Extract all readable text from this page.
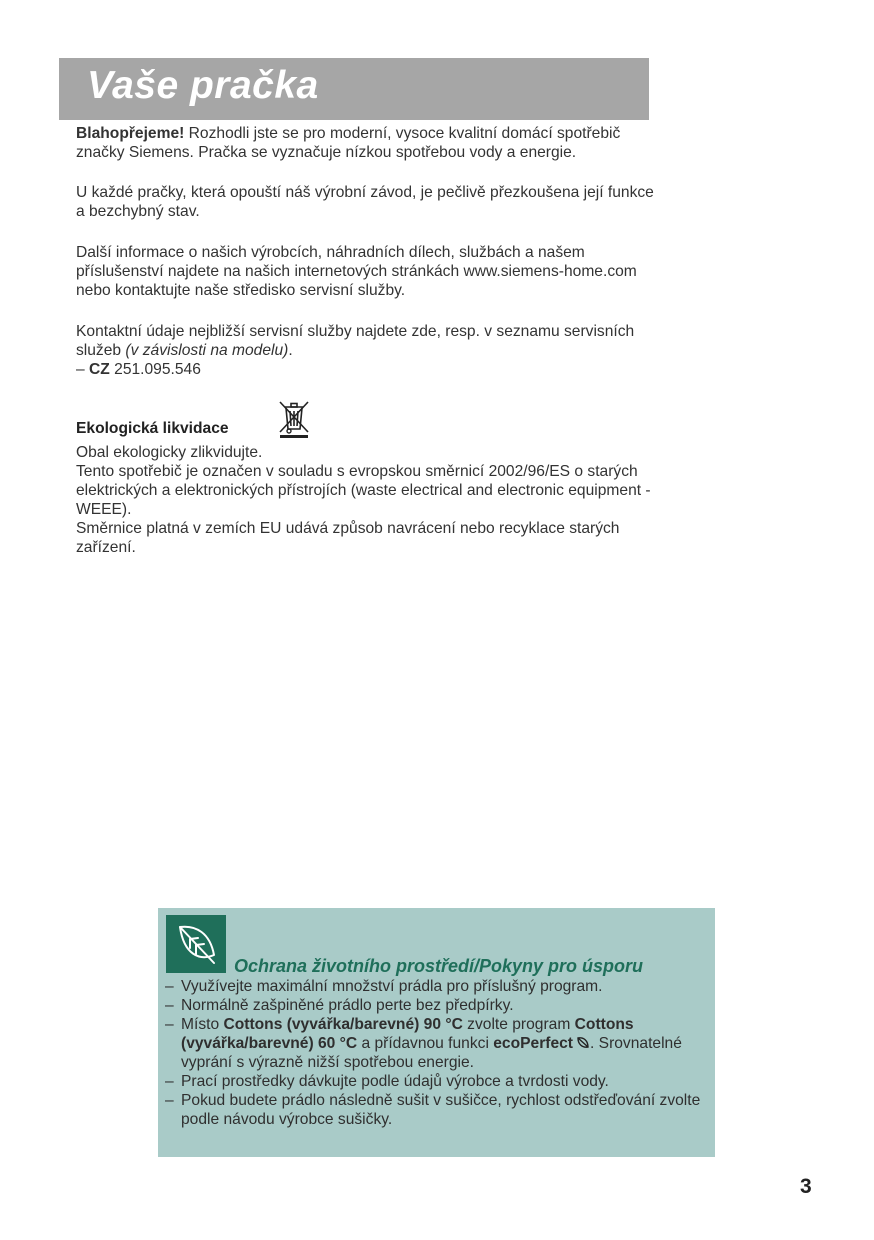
Vaše pračka

Blahopřejeme! Rozhodli jste se pro moderní, vysoce kvalitní domácí spotřebič značky Siemens. Pračka se vyznačuje nízkou spotřebou vody a energie.

U každé pračky, která opouští náš výrobní závod, je pečlivě přezkoušena její funkce a bezchybný stav.

Další informace o našich výrobcích, náhradních dílech, službách a našem příslušenství najdete na našich internetových stránkách www.siemens-home.com nebo kontaktujte naše středisko servisní služby.

Kontaktní údaje nejbližší servisní služby najdete zde, resp. v seznamu servisních služeb (v závislosti na modelu).
– CZ 251.095.546

Ekologická likvidace

Obal ekologicky zlikvidujte.

Tento spotřebič je označen v souladu s evropskou směrnicí 2002/96/ES o starých elektrických a elektronických přístrojích (waste electrical and electronic equipment - WEEE).

Směrnice platná v zemích EU udává způsob navrácení nebo recyklace starých zařízení.

Ochrana životního prostředí/Pokyny pro úsporu
– Využívejte maximální množství prádla pro příslušný program.
– Normálně zašpiněné prádlo perte bez předpírky.
– Místo Cottons (vyvářka/barevné) 90 °C zvolte program Cottons (vyvářka/barevné) 60 °C a přídavnou funkci ecoPerfect . Srovnatelné vyprání s výrazně nižší spotřebou energie.
– Prací prostředky dávkujte podle údajů výrobce a tvrdosti vody.
– Pokud budete prádlo následně sušit v sušičce, rychlost odstřeďování zvolte podle návodu výrobce sušičky.
3
